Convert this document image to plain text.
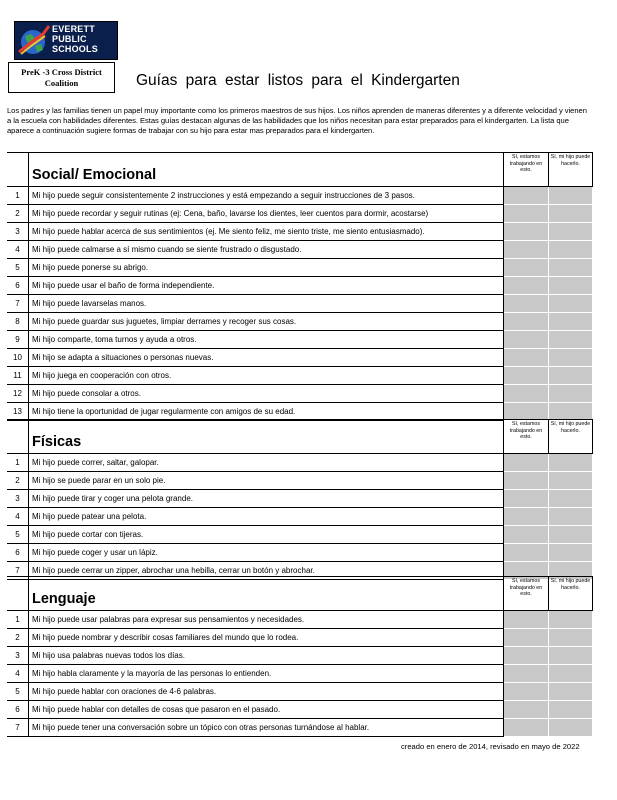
EVERETT
PUBLIC
SCHOOLS
PreK -3 Cross District
Coalition	Guías para estar listos para el Kindergarten
Los padres y las familias tienen un papel muy importante como los primeros maestros de sus hijos. Los niños aprenden de maneras diferentes y a diferente velocidad y vienen a la escuela con habilidades diferentes. Estas guías destacan algunas de las habilidades que los niños necesitan para estar preparados para el kindergarten. La lista que aparece a continuación sugiere formas de trabajar con su hijo para estar mas preparados para el kindergarten.
	Social/ Emocional	Sí, estamos trabajando en esto.	Sí, mi hijo puede hacerlo.
1	Mi hijo puede seguir consistentemente 2 instrucciones y está empezando a seguir instrucciones de 3 pasos.		
2	Mi hijo puede recordar y seguir rutinas (ej: Cena, baño, lavarse los dientes, leer cuentos para dormir, acostarse)		
3	Mi hijo puede hablar acerca de sus sentimientos (ej. Me siento feliz, me siento triste, me siento entusiasmado).		
4	Mi hijo puede calmarse a sí mismo cuando se siente frustrado o disgustado.		
5	Mi hijo puede ponerse su abrigo.		
6	Mi hijo puede usar el baño de forma independiente.		
7	Mi hijo puede lavarselas manos.		
8	Mi hijo puede guardar sus juguetes, limpiar derrames y recoger sus cosas.		
9	Mi hijo comparte, toma turnos y ayuda a otros.		
10	Mi hijo se adapta a situaciones o personas nuevas.		
11	Mi hijo juega en cooperación con otros.		
12	Mi hijo puede consolar a otros.		
13	Mi hijo tiene la oportunidad de jugar regularmente con amigos de su edad.		
	Físicas	Sí, estamos trabajando en esto.	Sí, mi hijo puede hacerlo.
1	Mi hijo puede correr, saltar, galopar.		
2	Mi hijo se puede parar en un solo pie.		
3	Mi hijo puede tirar y coger una pelota grande.		
4	Mi hijo puede patear una pelota.		
5	Mi hijo puede cortar con tijeras.		
6	Mi hijo puede coger y usar un lápiz.		
7	Mi hijo puede cerrar un zipper, abrochar una hebilla, cerrar un botón y abrochar.		
	Lenguaje	Sí, estamos trabajando en esto.	Sí, mi hijo puede hacerlo.
1	Mi hijo puede usar palabras para expresar sus pensamientos y necesidades.		
2	Mi hijo puede nombrar y describir cosas familiares del mundo que lo rodea.		
3	Mi hijo usa palabras nuevas todos los días.		
4	Mi hijo habla claramente y la mayoría de las personas lo entienden.		
5	Mi hijo puede hablar con oraciones de 4-6 palabras.		
6	Mi hijo puede hablar con detalles de cosas que pasaron en el pasado.		
7	Mi hijo puede tener una conversación sobre un tópico con otras personas turnándose al hablar.		
creado en enero de 2014, revisado en mayo de 2022
